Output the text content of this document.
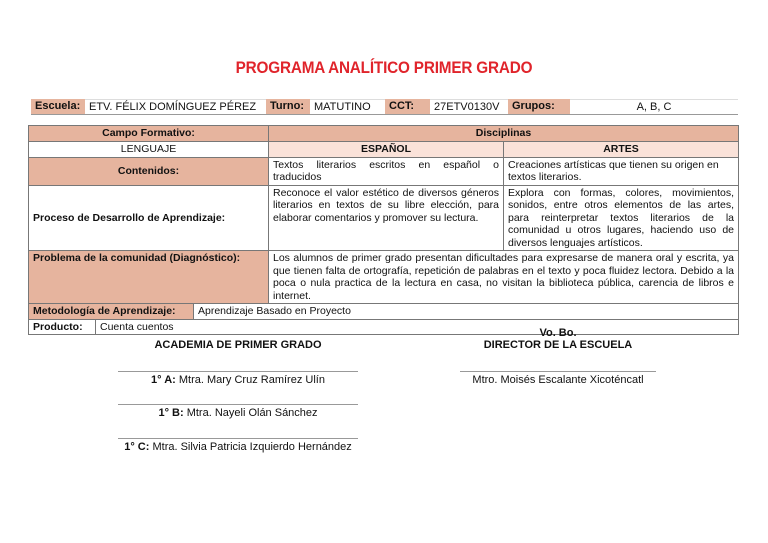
PROGRAMA ANALÍTICO PRIMER GRADO
Escuela: ETV. FÉLIX DOMÍNGUEZ PÉREZ	Turno: MATUTINO	CCT:	27ETV0130V	Grupos:	A, B, C
Campo Formativo:			Disciplinas	
LENGUAJE			ESPAÑOL	ARTES
Contenidos:			Textos literarios escritos en español o traducidos	Creaciones artísticas que tienen su origen en textos literarios.
Proceso de Desarrollo de Aprendizaje:			Reconoce el valor estético de diversos géneros literarios en textos de su libre elección, para elaborar comentarios y promover su lectura.	Explora con formas, colores, movimientos, sonidos, entre otros elementos de las artes, para reinterpretar textos literarios de la comunidad u otros lugares, haciendo uso de diversos lenguajes artísticos.
Problema de la comunidad (Diagnóstico):			Los alumnos de primer grado presentan dificultades para expresarse de manera oral y escrita, ya que tienen falta de ortografía, repetición de palabras en el texto y poca fluidez lectora. Debido a la poca o nula practica de la lectura en casa, no visitan la biblioteca pública, carencia de libros e internet.	
Metodología de Aprendizaje:		Aprendizaje Basado en Proyecto		
Producto:	Cuenta cuentos			
ACADEMIA DE PRIMER GRADO
Vo. Bo.
DIRECTOR DE LA ESCUELA
1° A: Mtra. Mary Cruz Ramírez Ulín
1° B: Mtra. Nayeli Olán Sánchez
1° C: Mtra. Silvia Patricia Izquierdo Hernández
Mtro. Moisés Escalante Xicoténcatl
